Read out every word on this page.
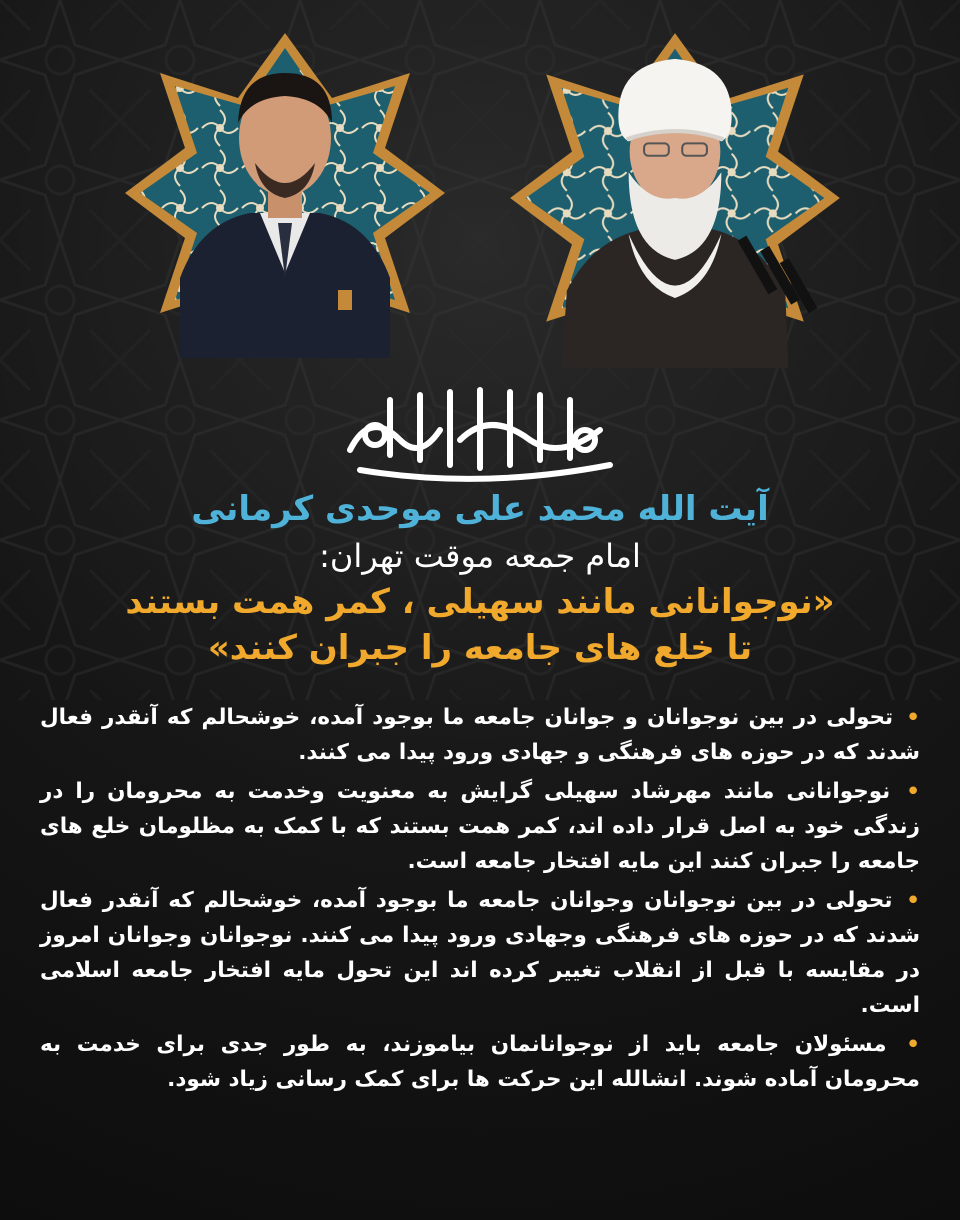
آیت الله محمد علی موحدی کرمانی

امام جمعه موقت تهران:

«نوجوانانی مانند سهیلی ، کمر همت بستند

تا خلع های جامعه را جبران کنند»

• تحولی در بین نوجوانان و جوانان جامعه ما بوجود آمده، خوشحالم که آنقدر فعال شدند که در حوزه های فرهنگی و جهادی ورود پیدا می کنند.

• نوجوانانی مانند مهرشاد سهیلی گرایش به معنویت وخدمت به محرومان را در زندگی خود به اصل قرار داده اند، کمر همت بستند که با کمک به مظلومان خلع های جامعه را جبران کنند این مایه افتخار جامعه است.

• تحولی در بین نوجوانان وجوانان جامعه ما بوجود آمده، خوشحالم که آنقدر فعال شدند که در حوزه های فرهنگی وجهادی ورود پیدا می کنند. نوجوانان وجوانان امروز در مقایسه با قبل از انقلاب تغییر کرده اند این تحول مایه افتخار جامعه اسلامی است.

• مسئولان جامعه باید از نوجوانانمان بیاموزند، به طور جدی برای خدمت به محرومان آماده شوند. انشالله این حرکت ها برای کمک رسانی زیاد شود.
